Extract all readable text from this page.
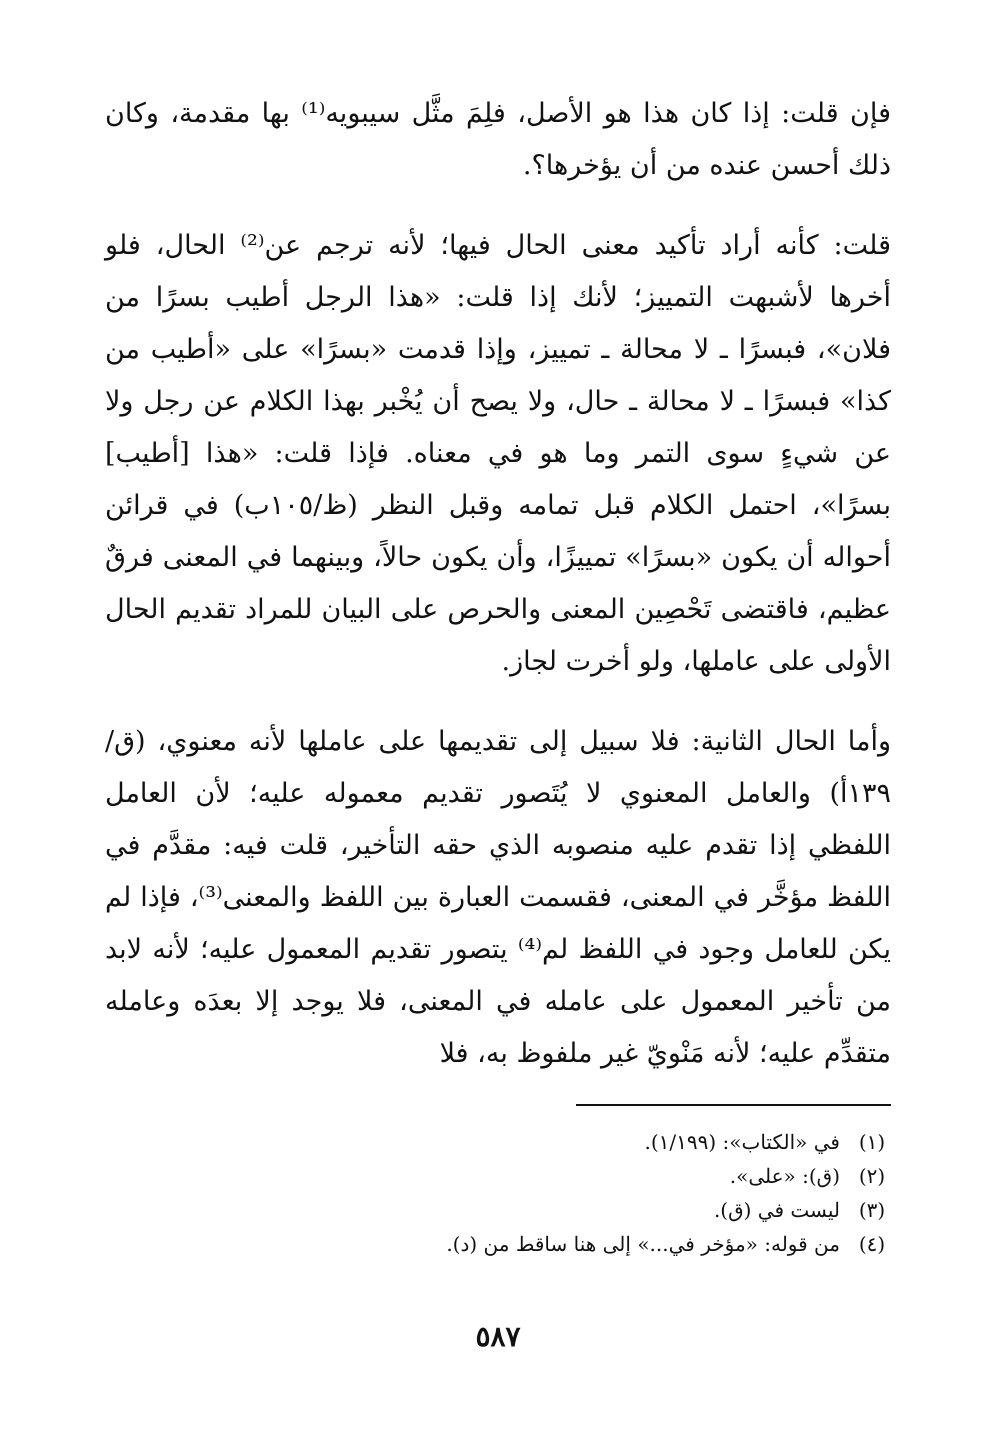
فإن قلت: إذا كان هذا هو الأصل، فلِمَ مثَّل سيبويه⁽¹⁾ بها مقدمة، وكان ذلك أحسن عنده من أن يؤخرها؟.

قلت: كأنه أراد تأكيد معنى الحال فيها؛ لأنه ترجم عن⁽²⁾ الحال، فلو أخرها لأشبهت التمييز؛ لأنك إذا قلت: «هذا الرجل أطيب بسرًا من فلان»، فبسرًا ـ لا محالة ـ تمييز، وإذا قدمت «بسرًا» على «أطيب من كذا» فبسرًا ـ لا محالة ـ حال، ولا يصح أن يُخْبر بهذا الكلام عن رجل ولا عن شيءٍ سوى التمر وما هو في معناه. فإذا قلت: «هذا [أطيب] بسرًا»، احتمل الكلام قبل تمامه وقبل النظر (ظ/١٠٥ب) في قرائن أحواله أن يكون «بسرًا» تمييزًا، وأن يكون حالاً، وبينهما في المعنى فرقٌ عظيم، فاقتضى تَحْصِين المعنى والحرص على البيان للمراد تقديم الحال الأولى على عاملها، ولو أخرت لجاز.

وأما الحال الثانية: فلا سبيل إلى تقديمها على عاملها لأنه معنوي، (ق/١٣٩أ) والعامل المعنوي لا يُتَصور تقديم معموله عليه؛ لأن العامل اللفظي إذا تقدم عليه منصوبه الذي حقه التأخير، قلت فيه: مقدَّم في اللفظ مؤخَّر في المعنى، فقسمت العبارة بين اللفظ والمعنى⁽³⁾، فإذا لم يكن للعامل وجود في اللفظ لم⁽⁴⁾ يتصور تقديم المعمول عليه؛ لأنه لابد من تأخير المعمول على عامله في المعنى، فلا يوجد إلا بعدَه وعامله متقدِّم عليه؛ لأنه مَنْويّ غير ملفوظ به، فلا

(١)
في «الكتاب»: (١/١٩٩).
(٢)
(ق): «على».
(٣)
ليست في (ق).
(٤)
من قوله: «مؤخر في...» إلى هنا ساقط من (د).
٥٨٧
